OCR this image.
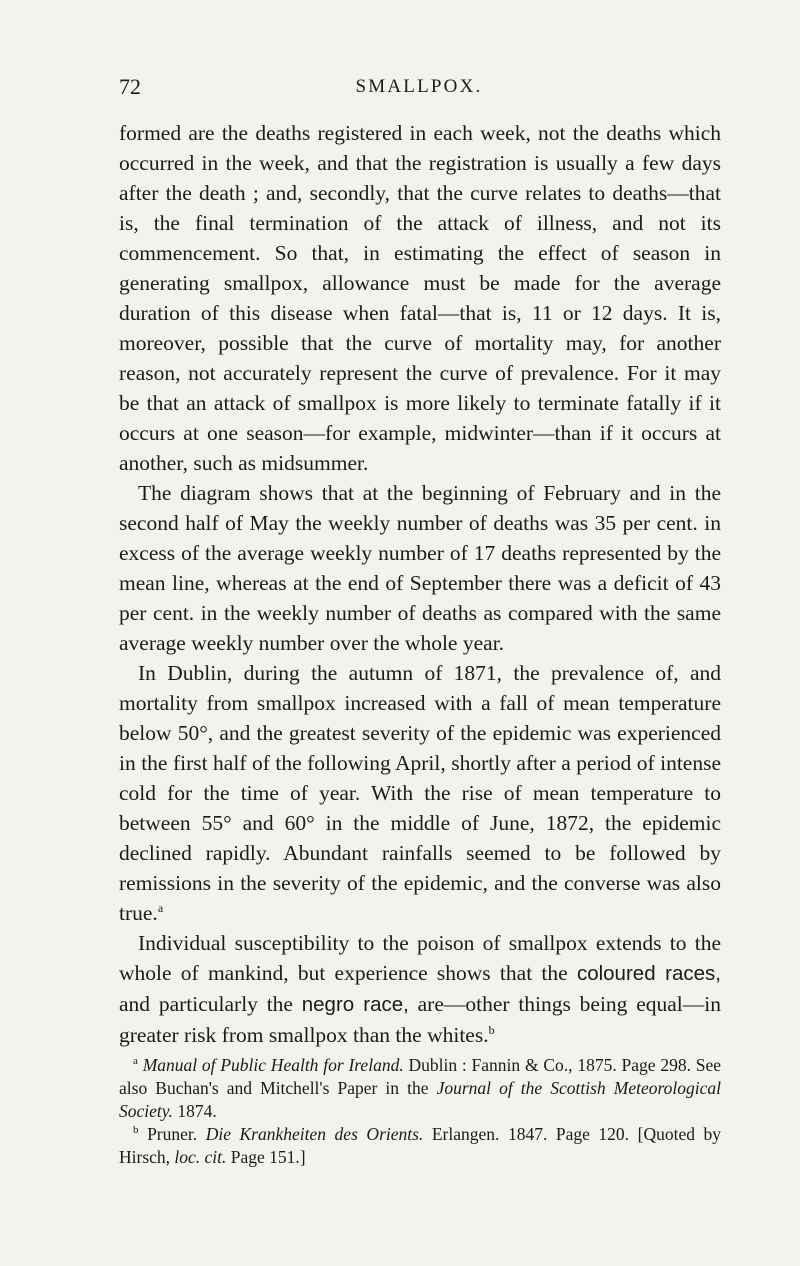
72	SMALLPOX.

formed are the deaths registered in each week, not the deaths which occurred in the week, and that the registration is usually a few days after the death ; and, secondly, that the curve relates to deaths—that is, the final termination of the attack of illness, and not its commencement. So that, in estimating the effect of season in generating smallpox, allowance must be made for the average duration of this disease when fatal—that is, 11 or 12 days. It is, moreover, possible that the curve of mortality may, for another reason, not accurately represent the curve of prevalence. For it may be that an attack of smallpox is more likely to terminate fatally if it occurs at one season—for example, midwinter—than if it occurs at another, such as midsummer.

The diagram shows that at the beginning of February and in the second half of May the weekly number of deaths was 35 per cent. in excess of the average weekly number of 17 deaths represented by the mean line, whereas at the end of September there was a deficit of 43 per cent. in the weekly number of deaths as compared with the same average weekly number over the whole year.

In Dublin, during the autumn of 1871, the prevalence of, and mortality from smallpox increased with a fall of mean temperature below 50°, and the greatest severity of the epidemic was experienced in the first half of the following April, shortly after a period of intense cold for the time of year. With the rise of mean temperature to between 55° and 60° in the middle of June, 1872, the epidemic declined rapidly. Abundant rainfalls seemed to be followed by remissions in the severity of the epidemic, and the converse was also true.$^a$

Individual susceptibility to the poison of smallpox extends to the whole of mankind, but experience shows that the coloured races, and particularly the negro race, are—other things being equal—in greater risk from smallpox than the whites.$^b$

$^a$ Manual of Public Health for Ireland. Dublin : Fannin & Co., 1875. Page 298. See also Buchan's and Mitchell's Paper in the Journal of the Scottish Meteorological Society. 1874.

$^b$ Pruner. Die Krankheiten des Orients. Erlangen. 1847. Page 120. [Quoted by Hirsch, loc. cit. Page 151.]
